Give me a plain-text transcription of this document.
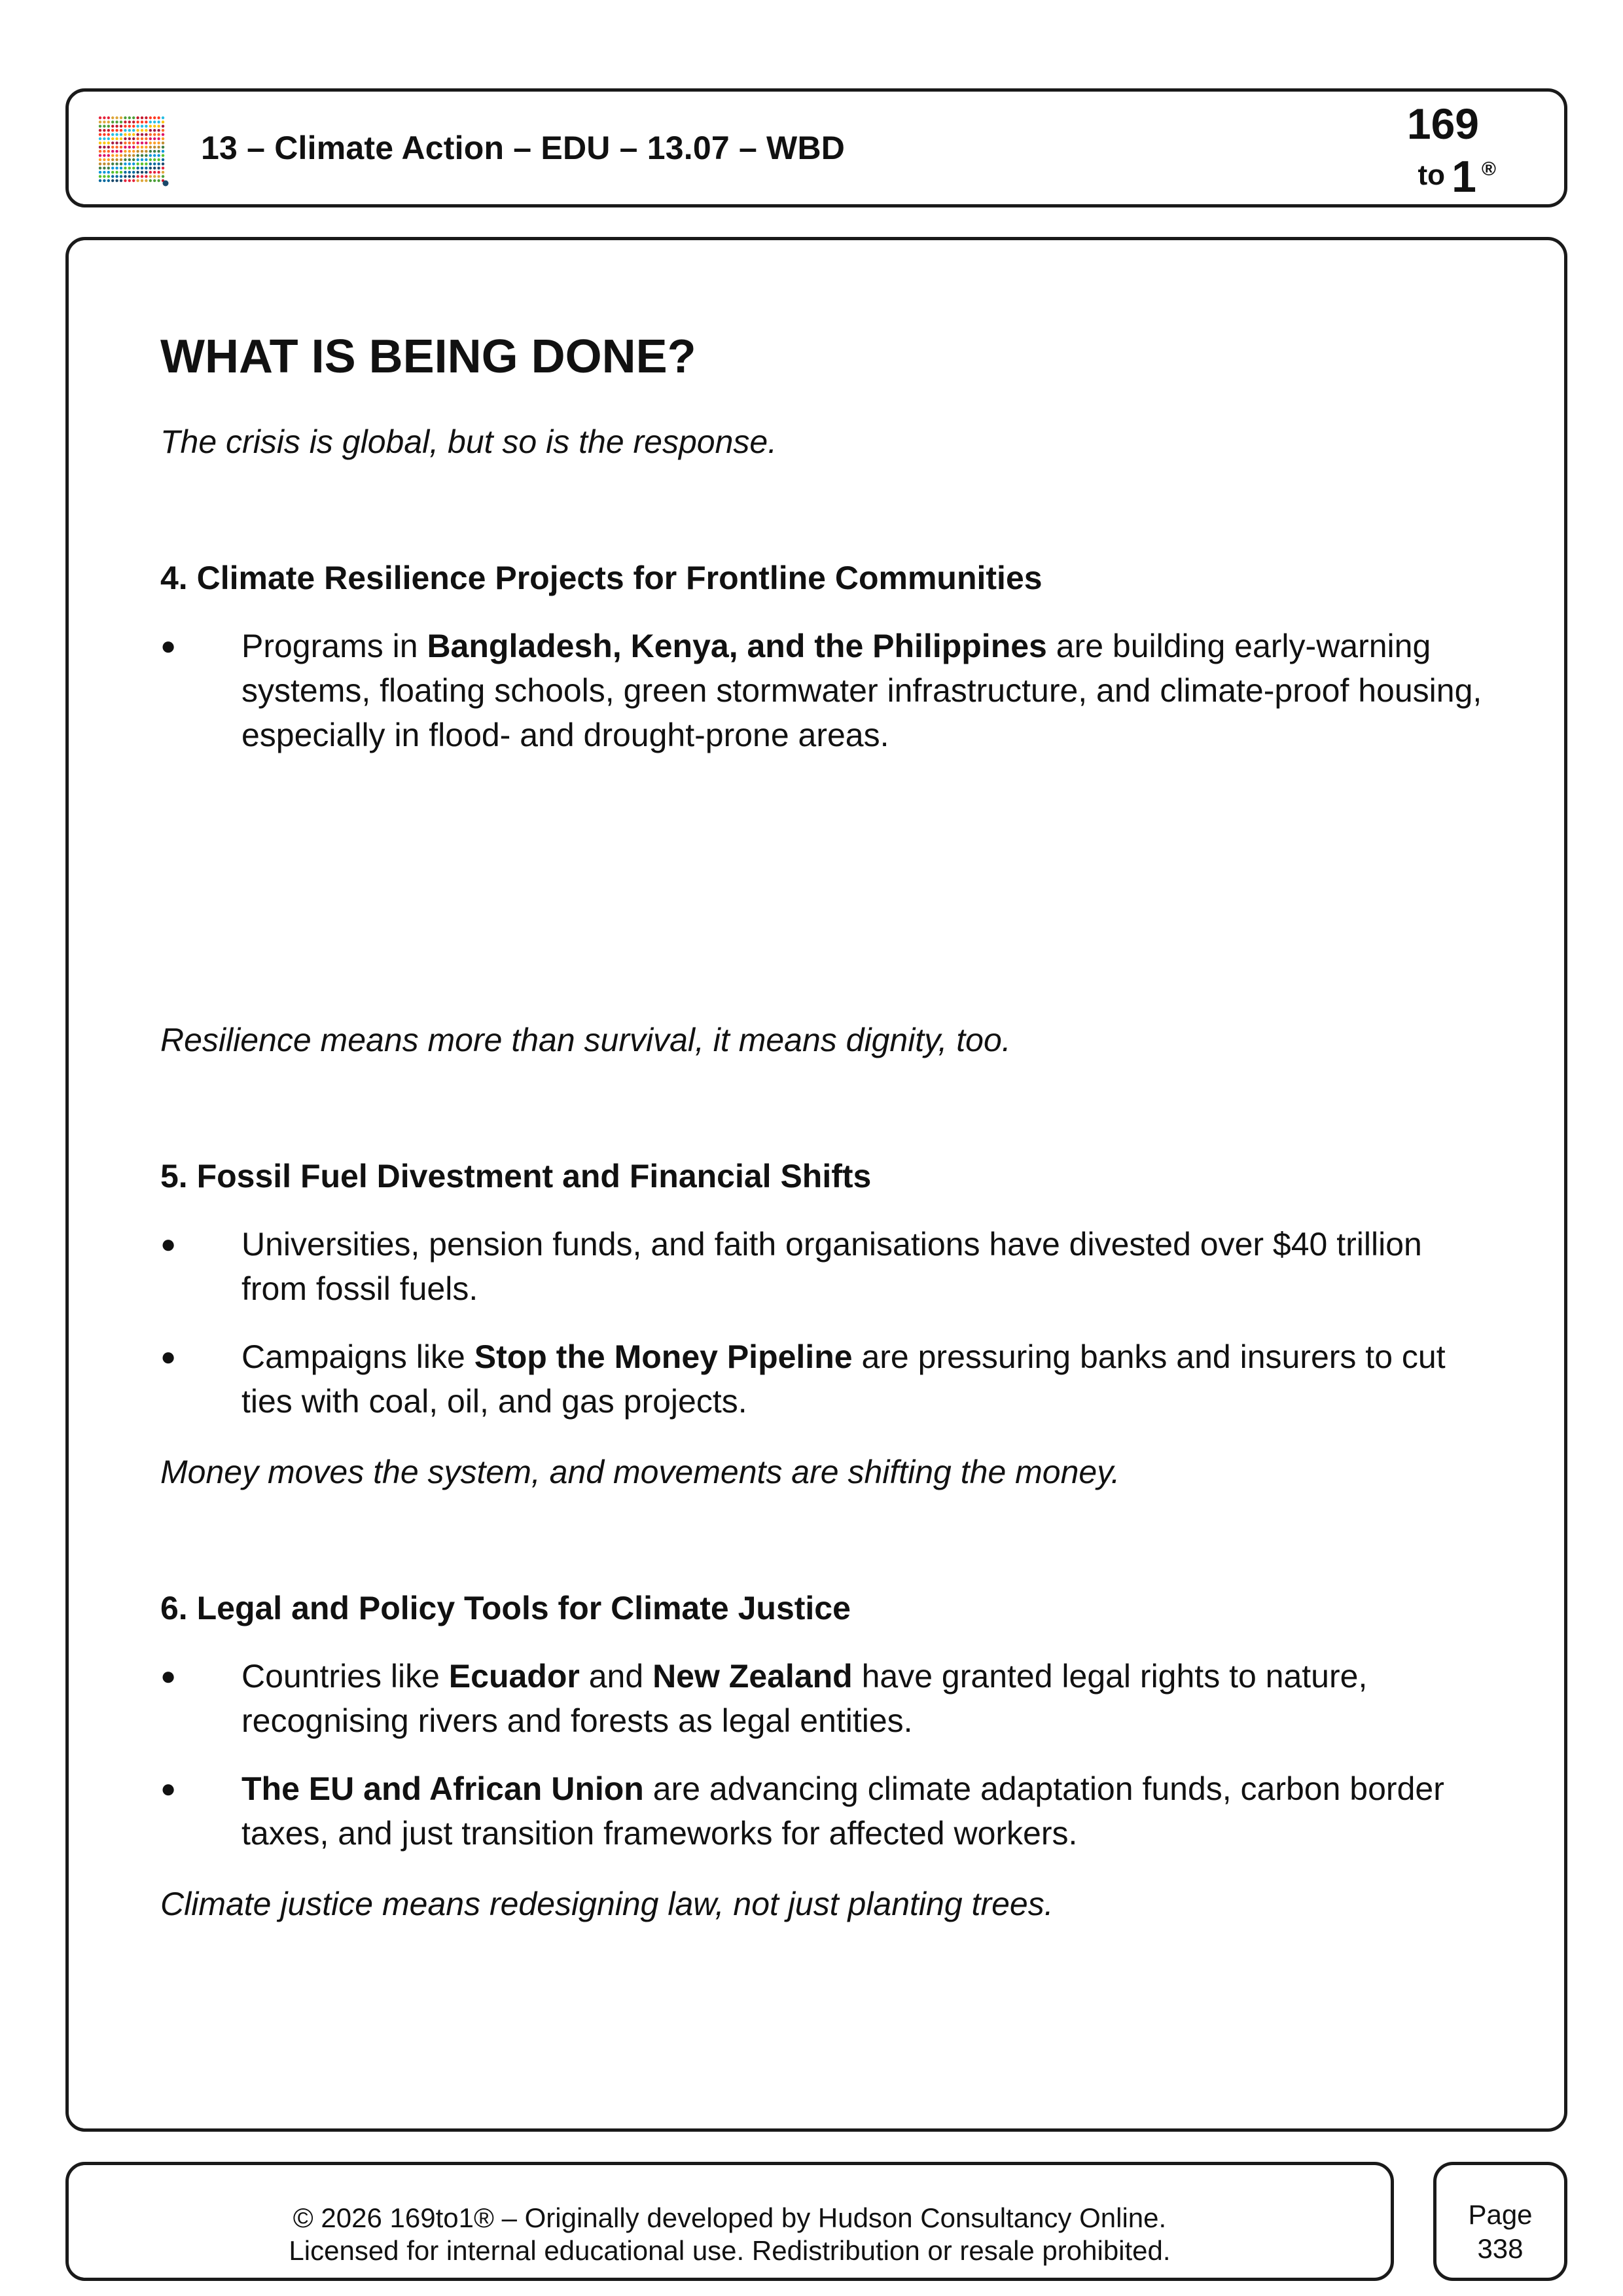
13 – Climate Action – EDU – 13.07 – WBD	169
to 1 ®
WHAT IS BEING DONE?

The crisis is global, but so is the response.

4. Climate Resilience Projects for Frontline Communities

●	Programs in Bangladesh, Kenya, and the Philippines are building early-warning systems, floating schools, green stormwater infrastructure, and climate-proof housing, especially in flood- and drought-prone areas.

Resilience means more than survival, it means dignity, too.

5. Fossil Fuel Divestment and Financial Shifts

●	Universities, pension funds, and faith organisations have divested over $40 trillion from fossil fuels.
●	Campaigns like Stop the Money Pipeline are pressuring banks and insurers to cut ties with coal, oil, and gas projects.

Money moves the system, and movements are shifting the money.

6. Legal and Policy Tools for Climate Justice

●	Countries like Ecuador and New Zealand have granted legal rights to nature, recognising rivers and forests as legal entities.
●	The EU and African Union are advancing climate adaptation funds, carbon border taxes, and just transition frameworks for affected workers.

Climate justice means redesigning law, not just planting trees.

© 2026 169to1® – Originally developed by Hudson Consultancy Online.
Licensed for internal educational use. Redistribution or resale prohibited.
Page
338
